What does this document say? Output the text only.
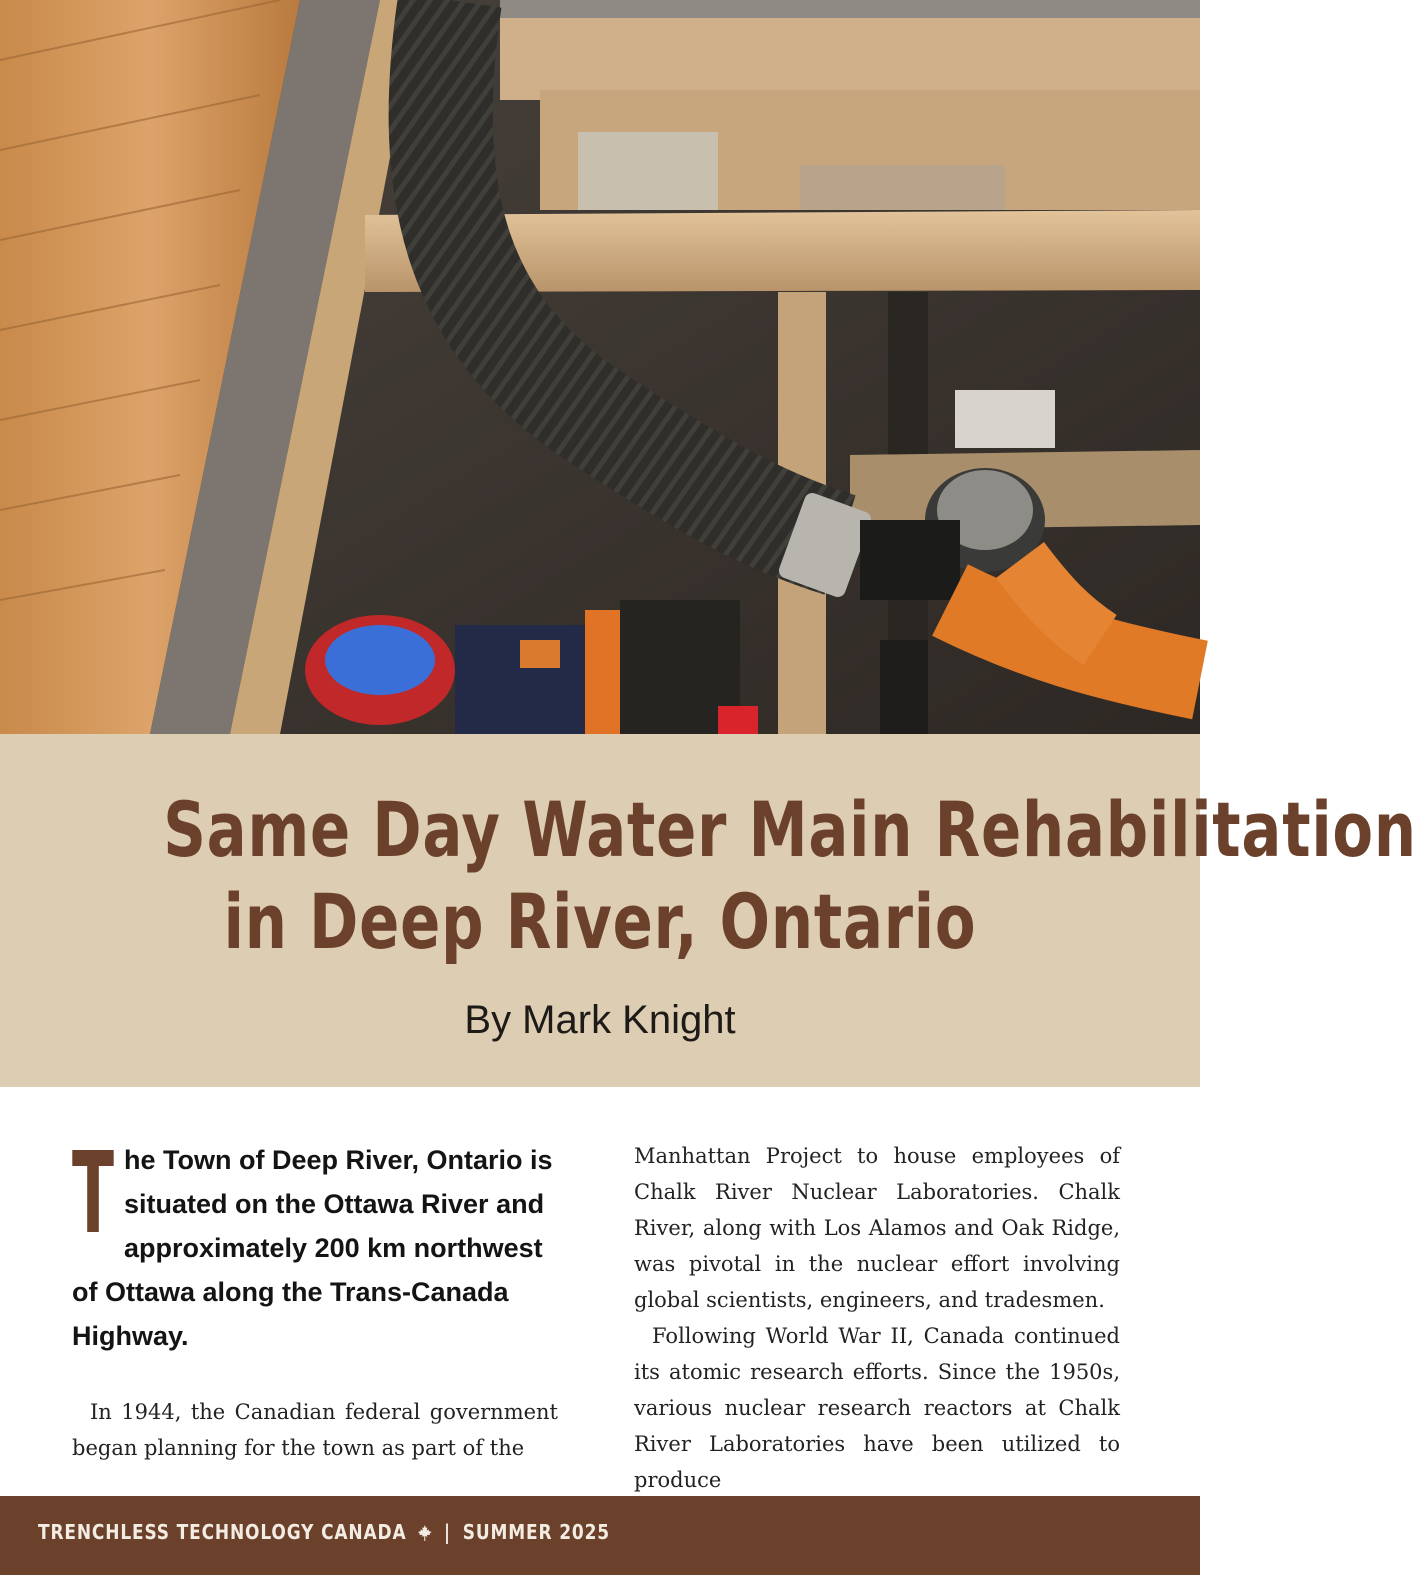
Same Day Water Main Rehabilitation
in Deep River, Ontario
By Mark Knight

The Town of Deep River, Ontario is situated on the Ottawa River and approximately 200 km northwest of Ottawa along the Trans-Canada Highway.

In 1944, the Canadian federal government began planning for the town as part of the

Manhattan Project to house employees of Chalk River Nuclear Laboratories. Chalk River, along with Los Alamos and Oak Ridge, was pivotal in the nuclear effort involving global scientists, engineers, and tradesmen.

Following World War II, Canada continued its atomic research efforts. Since the 1950s, various nuclear research reactors at Chalk River Laboratories have been utilized to produce

TRENCHLESS TECHNOLOGY CANADA | SUMMER 2025
